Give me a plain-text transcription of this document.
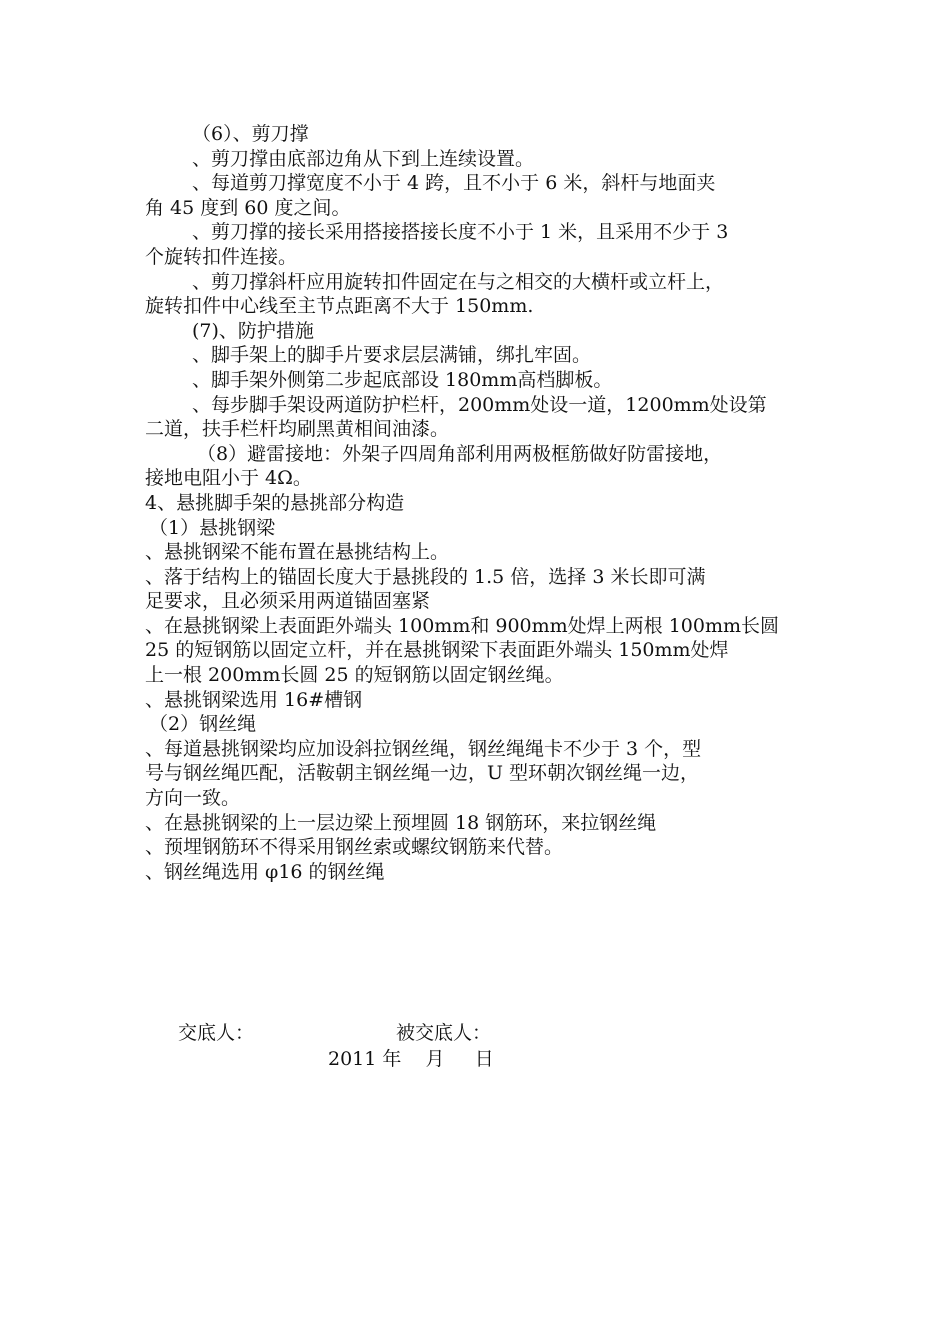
（6）、剪刀撑

、剪刀撑由底部边角从下到上连续设置。

、每道剪刀撑宽度不小于 4 跨，且不小于 6 米，斜杆与地面夹

角 45 度到 60 度之间。

、剪刀撑的接长采用搭接搭接长度不小于 1 米，且采用不少于 3

个旋转扣件连接。

、剪刀撑斜杆应用旋转扣件固定在与之相交的大横杆或立杆上，

旋转扣件中心线至主节点距离不大于 150mm.

(7)、防护措施

、脚手架上的脚手片要求层层满铺，绑扎牢固。

、脚手架外侧第二步起底部设 180mm高档脚板。

、每步脚手架设两道防护栏杆，200mm处设一道，1200mm处设第

二道，扶手栏杆均刷黑黄相间油漆。

（8）避雷接地：外架子四周角部利用两极框筋做好防雷接地，

接地电阻小于 4Ω。

4、悬挑脚手架的悬挑部分构造

（1）悬挑钢梁

、悬挑钢梁不能布置在悬挑结构上。

、落于结构上的锚固长度大于悬挑段的 1.5 倍，选择 3 米长即可满

足要求，且必须采用两道锚固塞紧

、在悬挑钢梁上表面距外端头 100mm和 900mm处焊上两根 100mm长圆

25 的短钢筋以固定立杆，并在悬挑钢梁下表面距外端头 150mm处焊

上一根 200mm长圆 25 的短钢筋以固定钢丝绳。

、悬挑钢梁选用 16#槽钢

（2）钢丝绳

、每道悬挑钢梁均应加设斜拉钢丝绳，钢丝绳绳卡不少于 3 个，型

号与钢丝绳匹配，活鞍朝主钢丝绳一边，U 型环朝次钢丝绳一边，

方向一致。

、在悬挑钢梁的上一层边梁上预埋圆 18 钢筋环，来拉钢丝绳

、预埋钢筋环不得采用钢丝索或螺纹钢筋来代替。

、钢丝绳选用 φ16 的钢丝绳

交底人：	被交底人：
2011 年    月     日
